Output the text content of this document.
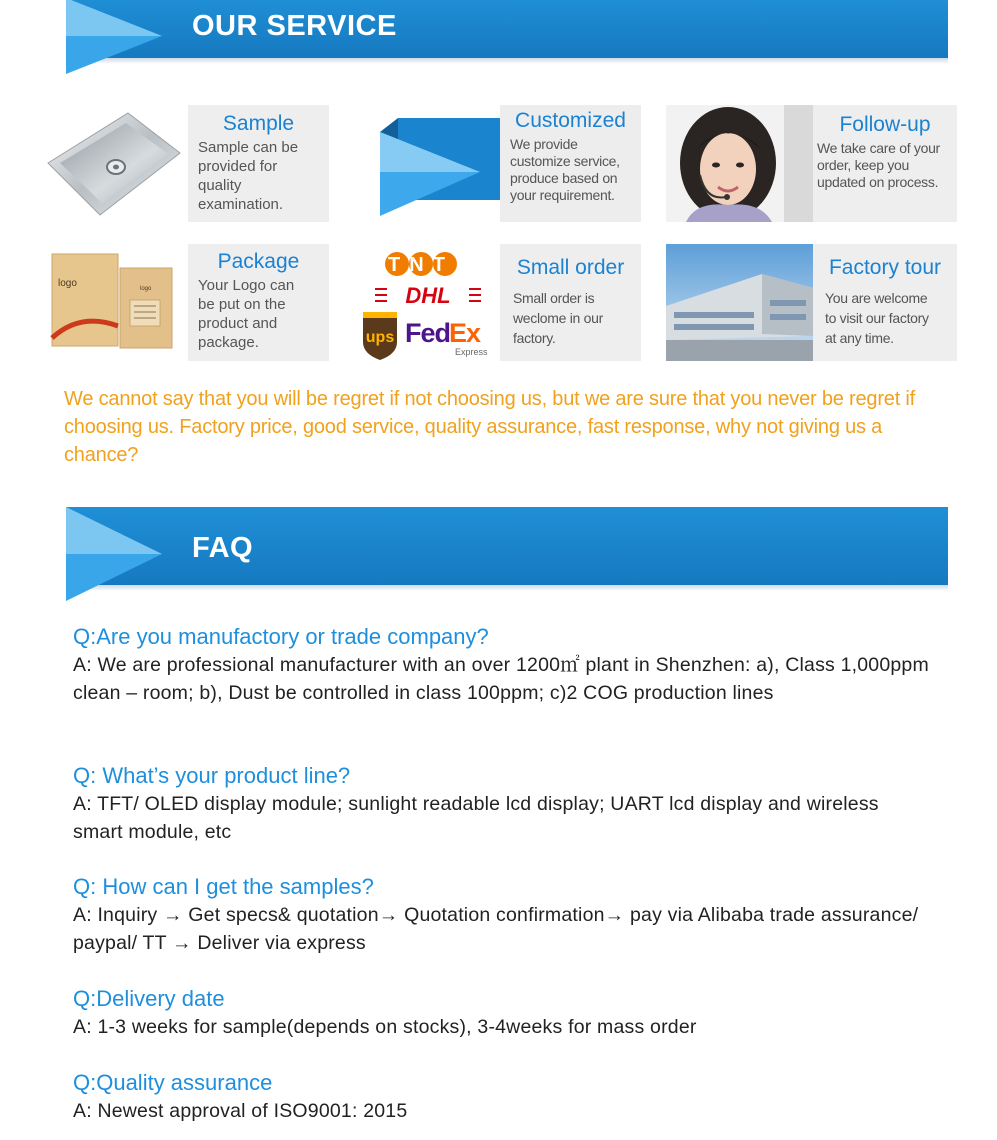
OUR SERVICE
Sample
Sample can be
provided for
quality
examination.
Customized
We provide
customize service,
produce based on
your requirement.
Follow-up
We take care of your
order, keep you
updated on process.
logo	logo
Package
Your Logo can
be put on the
product and
package.
TNT
DHL
ups Fed
Ex
Express
Small order
Small order is
weclome in our
factory.
Factory tour
You are welcome
to visit our factory
at any time.
We cannot say that you will be regret if not choosing us, but we are sure that you never be regret if choosing us. Factory price, good service, quality assurance, fast response, why not giving us a chance?
FAQ
Q:Are you manufactory or trade company?
A: We are professional manufacturer with an over 1200㎡ plant in Shenzhen: a), Class 1,000ppm clean – room; b), Dust be controlled in class 100ppm; c)2 COG production lines
Q: What’s your product line?
A: TFT/ OLED display module; sunlight readable lcd display; UART lcd display and wireless smart module, etc
Q: How can I get the samples?
A: Inquiry → Get specs& quotation→ Quotation confirmation→ pay via Alibaba trade assurance/ paypal/ TT → Deliver via express
Q:Delivery date
A: 1-3 weeks for sample(depends on stocks), 3-4weeks for mass order
Q:Quality assurance
A: Newest approval of ISO9001: 2015
